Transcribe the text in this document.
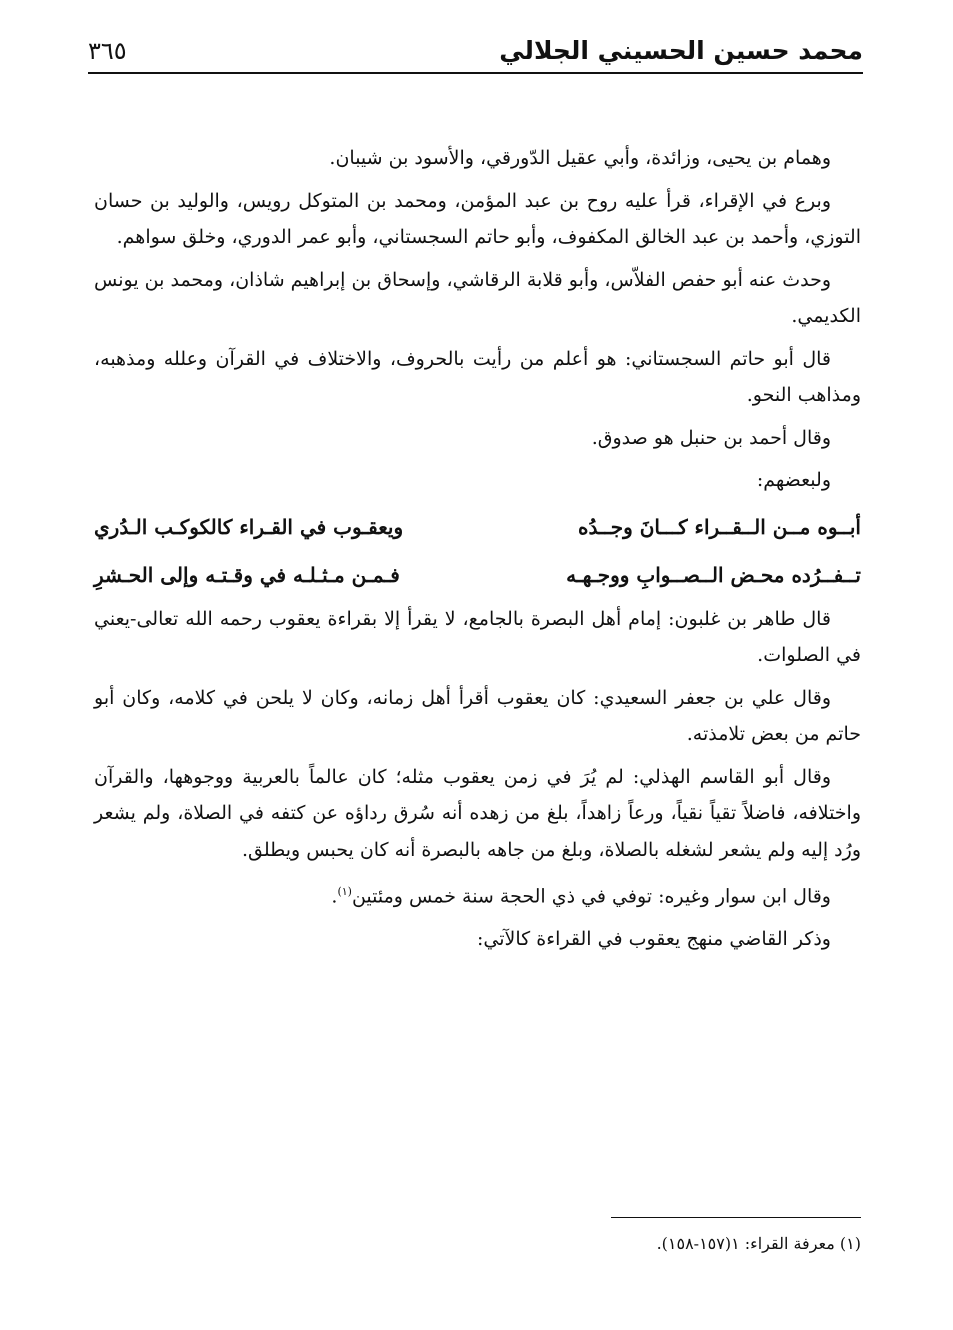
محمد حسين الحسيني الجلالي
٣٦٥

وهمام بن يحيى، وزائدة، وأبي عقيل الدّورقي، والأسود بن شيبان.

وبرع في الإقراء، قرأ عليه روح بن عبد المؤمن، ومحمد بن المتوكل رويس، والوليد بن حسان التوزي، وأحمد بن عبد الخالق المكفوف، وأبو حاتم السجستاني، وأبو عمر الدوري، وخلق سواهم.

وحدث عنه أبو حفص الفلاّس، وأبو قلابة الرقاشي، وإسحاق بن إبراهيم شاذان، ومحمد بن يونس الكديمي.

قال أبو حاتم السجستاني: هو أعلم من رأيت بالحروف، والاختلاف في القرآن وعلله ومذهبه، ومذاهب النحو.

وقال أحمد بن حنبل هو صدوق.

ولبعضهم:

أبــوه مــن الــقــراء كـــانَ وجــدُه
ويعقـوب في القـراء كالكوكـب الـدُري
تــفــرُده محـض الــصــوابِ ووجـهـه
فـمـن مـثـلـه في وقـتـه وإلى الحـشرِ

قال طاهر بن غلبون: إمام أهل البصرة بالجامع، لا يقرأ إلا بقراءة يعقوب رحمه الله تعالى-يعني في الصلوات.

وقال علي بن جعفر السعيدي: كان يعقوب أقرأ أهل زمانه، وكان لا يلحن في كلامه، وكان أبو حاتم من بعض تلامذته.

وقال أبو القاسم الهذلي: لم يُرَ في زمن يعقوب مثله؛ كان عالماً بالعربية ووجوهها، والقرآن واختلافه، فاضلاً تقياً نقياً، ورعاً زاهداً، بلغ من زهده أنه سُرق رداؤه عن كتفه في الصلاة، ولم يشعر ورُد إليه ولم يشعر لشغله بالصلاة، وبلغ من جاهه بالبصرة أنه كان يحبس ويطلق.

وقال ابن سوار وغيره: توفي في ذي الحجة سنة خمس ومئتين$^{(١)}$.

وذكر القاضي منهج يعقوب في القراءة كالآتي:

(١) معرفة القراء: ١(١٥٧-١٥٨).
